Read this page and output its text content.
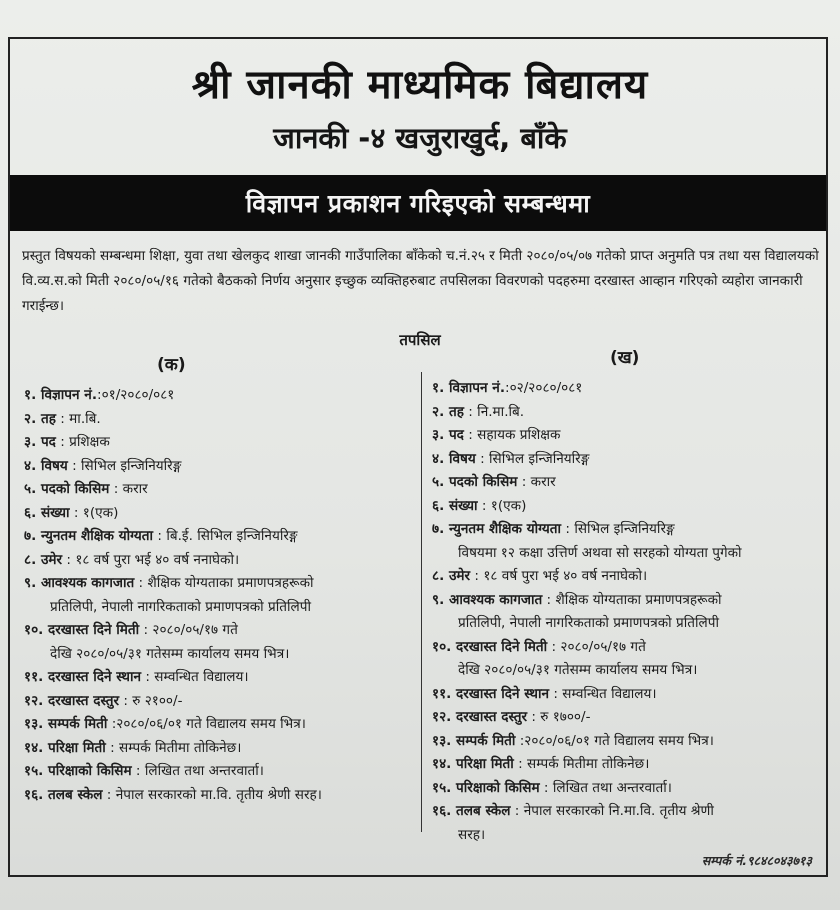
श्री जानकी माध्यमिक बिद्यालय
जानकी -४ खजुराखुर्द, बाँके
विज्ञापन प्रकाशन गरिइएको सम्बन्धमा
प्रस्तुत विषयको सम्बन्धमा शिक्षा, युवा तथा खेलकुद शाखा जानकी गाउँपालिका बाँकेको च.नं.२५ र मिती २०८०/०५/०७ गतेको प्राप्त अनुमति पत्र तथा यस विद्यालयको वि.व्य.स.को मिती २०८०/०५/१६ गतेको बैठकको निर्णय अनुसार इच्छुक व्यक्तिहरुबाट तपसिलका विवरणको पदहरुमा दरखास्त आव्हान गरिएको व्यहोरा जानकारी गराईन्छ।
तपसिल
(क)	(ख)
१. विज्ञापन नं.:०१/२०८०/०८१
२. तह : मा.बि.
३. पद : प्रशिक्षक
४. विषय : सिभिल इन्जिनियरिङ्ग
५. पदको किसिम : करार
६. संख्या : १(एक)
७. न्युनतम शैक्षिक योग्यता : बि.ई. सिभिल इन्जिनियरिङ्ग
८. उमेर : १८ वर्ष पुरा भई ४० वर्ष ननाघेको।
९. आवश्यक कागजात : शैक्षिक योग्यताका प्रमाणपत्रहरूको
प्रतिलिपी, नेपाली नागरिकताको प्रमाणपत्रको प्रतिलिपी
१०. दरखास्त दिने मिती : २०८०/०५/१७ गते
देखि २०८०/०५/३१ गतेसम्म कार्यालय समय भित्र।
११. दरखास्त दिने स्थान : सम्वन्धित विद्यालय।
१२. दरखास्त दस्तुर : रु २१००/-
१३. सम्पर्क मिती :२०८०/०६/०१ गते विद्यालय समय भित्र।
१४. परिक्षा मिती : सम्पर्क मितीमा तोकिनेछ।
१५. परिक्षाको किसिम : लिखित तथा अन्तरवार्ता।
१६. तलब स्केल : नेपाल सरकारको मा.वि. तृतीय श्रेणी सरह।
१. विज्ञापन नं.:०२/२०८०/०८१
२. तह : नि.मा.बि.
३. पद : सहायक प्रशिक्षक
४. विषय : सिभिल इन्जिनियरिङ्ग
५. पदको किसिम : करार
६. संख्या : १(एक)
७. न्युनतम शैक्षिक योग्यता : सिभिल इन्जिनियरिङ्ग
विषयमा १२ कक्षा उत्तिर्ण अथवा सो सरहको योग्यता पुगेको
८. उमेर : १८ वर्ष पुरा भई ४० वर्ष ननाघेको।
९. आवश्यक कागजात : शैक्षिक योग्यताका प्रमाणपत्रहरूको
प्रतिलिपी, नेपाली नागरिकताको प्रमाणपत्रको प्रतिलिपी
१०. दरखास्त दिने मिती : २०८०/०५/१७ गते
देखि २०८०/०५/३१ गतेसम्म कार्यालय समय भित्र।
११. दरखास्त दिने स्थान : सम्वन्धित विद्यालय।
१२. दरखास्त दस्तुर : रु १७००/-
१३. सम्पर्क मिती :२०८०/०६/०१ गते विद्यालय समय भित्र।
१४. परिक्षा मिती : सम्पर्क मितीमा तोकिनेछ।
१५. परिक्षाको किसिम : लिखित तथा अन्तरवार्ता।
१६. तलब स्केल : नेपाल सरकारको नि.मा.वि. तृतीय श्रेणी
सरह।
सम्पर्क नं.९८४८०४३७१३
